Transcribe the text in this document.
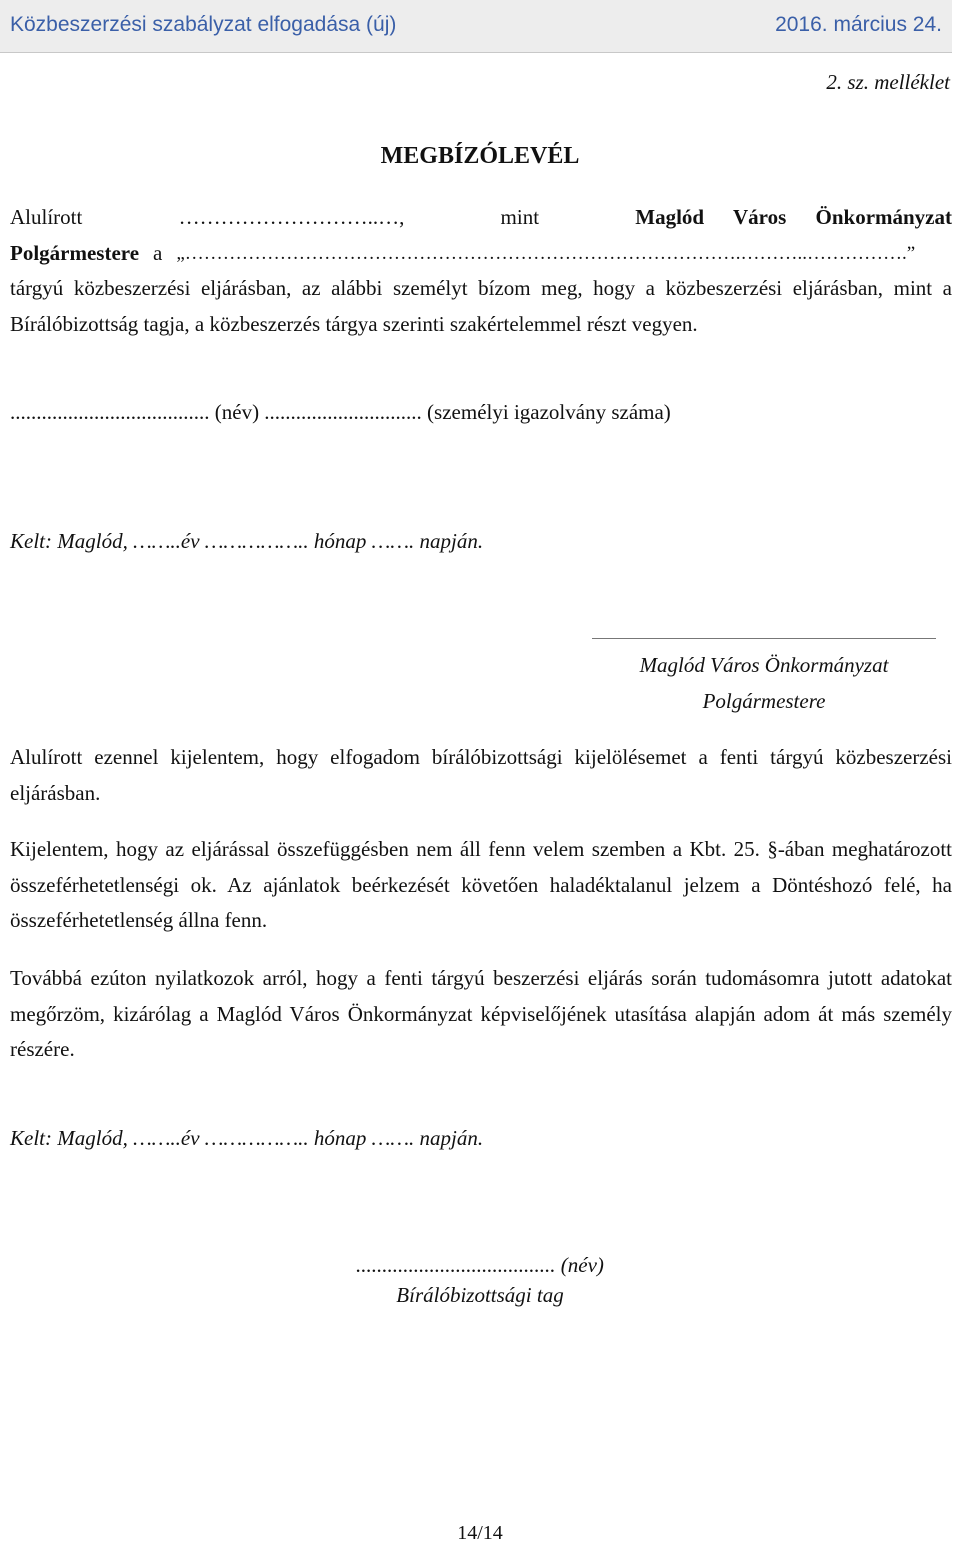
Közbeszerzési szabályzat elfogadása (új)	2016. március 24.
2. sz. melléklet
MEGBÍZÓLEVÉL
Alulírott	………………………..…,	mint	Maglód Város Önkormányzat
Polgármestere a „…………………………………………………………………………….………..…………….”
tárgyú közbeszerzési eljárásban, az alábbi személyt bízom meg, hogy a közbeszerzési eljárásban, mint a Bírálóbizottság tagja, a közbeszerzés tárgya szerinti szakértelemmel részt vegyen.
...................................... (név) .............................. (személyi igazolvány száma)
Kelt: Maglód, ……..év …………….. hónap ……. napján.
Maglód Város Önkormányzat
Polgármestere
Alulírott ezennel kijelentem, hogy elfogadom bírálóbizottsági kijelölésemet a fenti tárgyú közbeszerzési eljárásban.
Kijelentem, hogy az eljárással összefüggésben nem áll fenn velem szemben a Kbt. 25. §-ában meghatározott összeférhetetlenségi ok. Az ajánlatok beérkezését követően haladéktalanul jelzem a Döntéshozó felé, ha összeférhetetlenség állna fenn.
Továbbá ezúton nyilatkozok arról, hogy a fenti tárgyú beszerzési eljárás során tudomásomra jutott adatokat megőrzöm, kizárólag a Maglód Város Önkormányzat képviselőjének utasítása alapján adom át más személy részére.
Kelt: Maglód, ……..év …………….. hónap ……. napján.
...................................... (név)
Bírálóbizottsági tag
14/14
